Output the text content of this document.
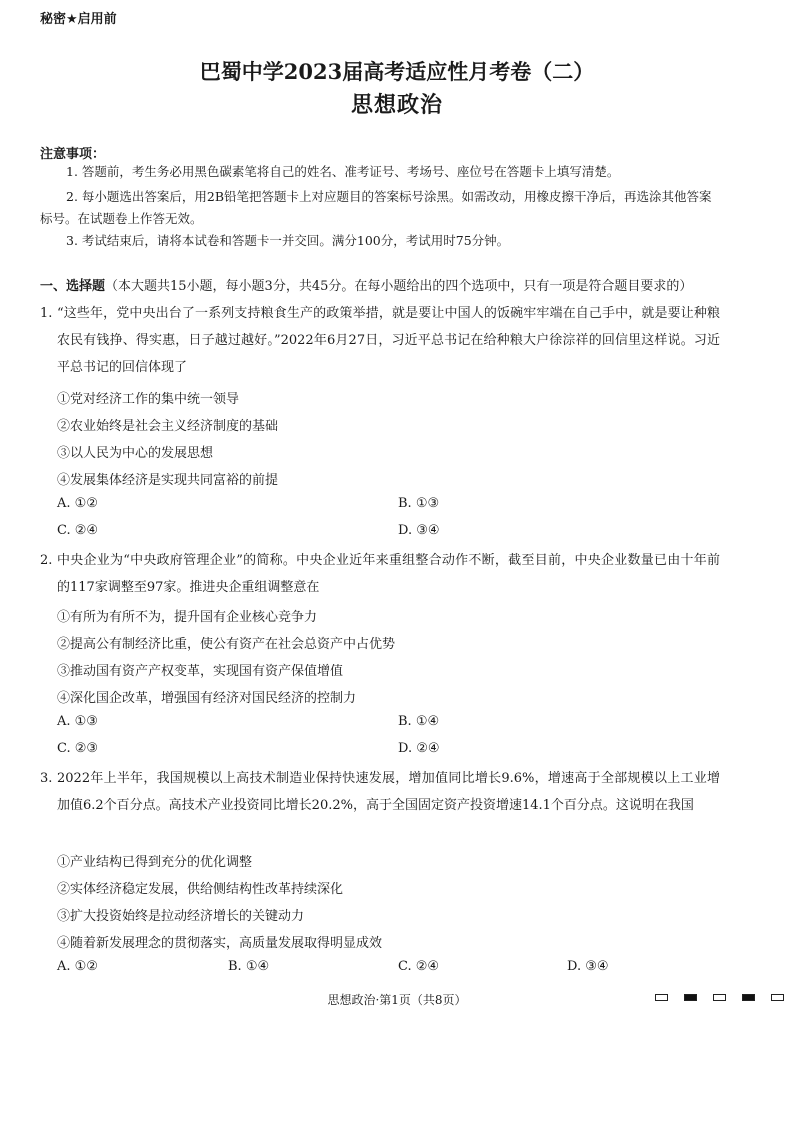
秘密★启用前
巴蜀中学2023届高考适应性月考卷（二）
思想政治
注意事项：
1. 答题前，考生务必用黑色碳素笔将自己的姓名、准考证号、考场号、座位号在答题卡上填写清楚。
2. 每小题选出答案后，用2B铅笔把答题卡上对应题目的答案标号涂黑。如需改动，用橡皮擦干净后，再选涂其他答案标号。在试题卷上作答无效。
3. 考试结束后，请将本试卷和答题卡一并交回。满分100分，考试用时75分钟。
一、选择题（本大题共15小题，每小题3分，共45分。在每小题给出的四个选项中，只有一项是符合题目要求的）
1. “这些年，党中央出台了一系列支持粮食生产的政策举措，就是要让中国人的饭碗牢牢端在自己手中，就是要让种粮农民有钱挣、得实惠，日子越过越好。”2022年6月27日，习近平总书记在给种粮大户徐淙祥的回信里这样说。习近平总书记的回信体现了
①党对经济工作的集中统一领导
②农业始终是社会主义经济制度的基础
③以人民为中心的发展思想
④发展集体经济是实现共同富裕的前提
A. ①②	B. ①③
C. ②④	D. ③④
2. 中央企业为“中央政府管理企业”的简称。中央企业近年来重组整合动作不断，截至目前，中央企业数量已由十年前的117家调整至97家。推进央企重组调整意在
①有所为有所不为，提升国有企业核心竞争力
②提高公有制经济比重，使公有资产在社会总资产中占优势
③推动国有资产产权变革，实现国有资产保值增值
④深化国企改革，增强国有经济对国民经济的控制力
A. ①③	B. ①④
C. ②③	D. ②④
3. 2022年上半年，我国规模以上高技术制造业保持快速发展，增加值同比增长9.6%，增速高于全部规模以上工业增加值6.2个百分点。高技术产业投资同比增长20.2%，高于全国固定资产投资增速14.1个百分点。这说明在我国
①产业结构已得到充分的优化调整
②实体经济稳定发展，供给侧结构性改革持续深化
③扩大投资始终是拉动经济增长的关键动力
④随着新发展理念的贯彻落实，高质量发展取得明显成效
A. ①②	B. ①④	C. ②④	D. ③④
思想政治·第1页（共8页）
